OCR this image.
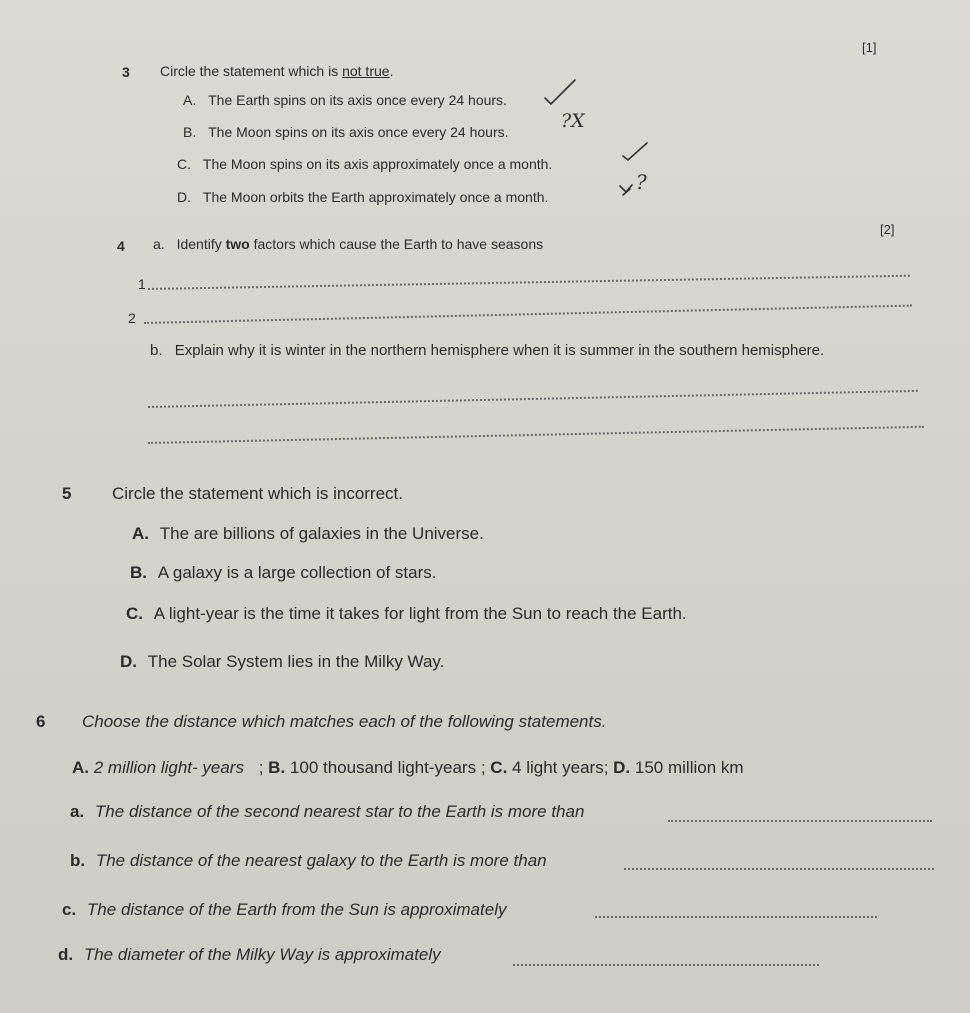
[1]
3 Circle the statement which is not true.
A. The Earth spins on its axis once every 24 hours.
B. The Moon spins on its axis once every 24 hours.
C. The Moon spins on its axis approximately once a month.
D. The Moon orbits the Earth approximately once a month.
?X
?
[2]
4 a. Identify two factors which cause the Earth to have seasons
1
2
b. Explain why it is winter in the northern hemisphere when it is summer in the southern hemisphere.
5 Circle the statement which is incorrect.
A. The are billions of galaxies in the Universe.
B. A galaxy is a large collection of stars.
C. A light-year is the time it takes for light from the Sun to reach the Earth.
D. The Solar System lies in the Milky Way.
6 Choose the distance which matches each of the following statements.
A. 2 million light- years ; B. 100 thousand light-years ; C. 4 light years; D. 150 million km
a. The distance of the second nearest star to the Earth is more than
b. The distance of the nearest galaxy to the Earth is more than
c. The distance of the Earth from the Sun is approximately
d. The diameter of the Milky Way is approximately
